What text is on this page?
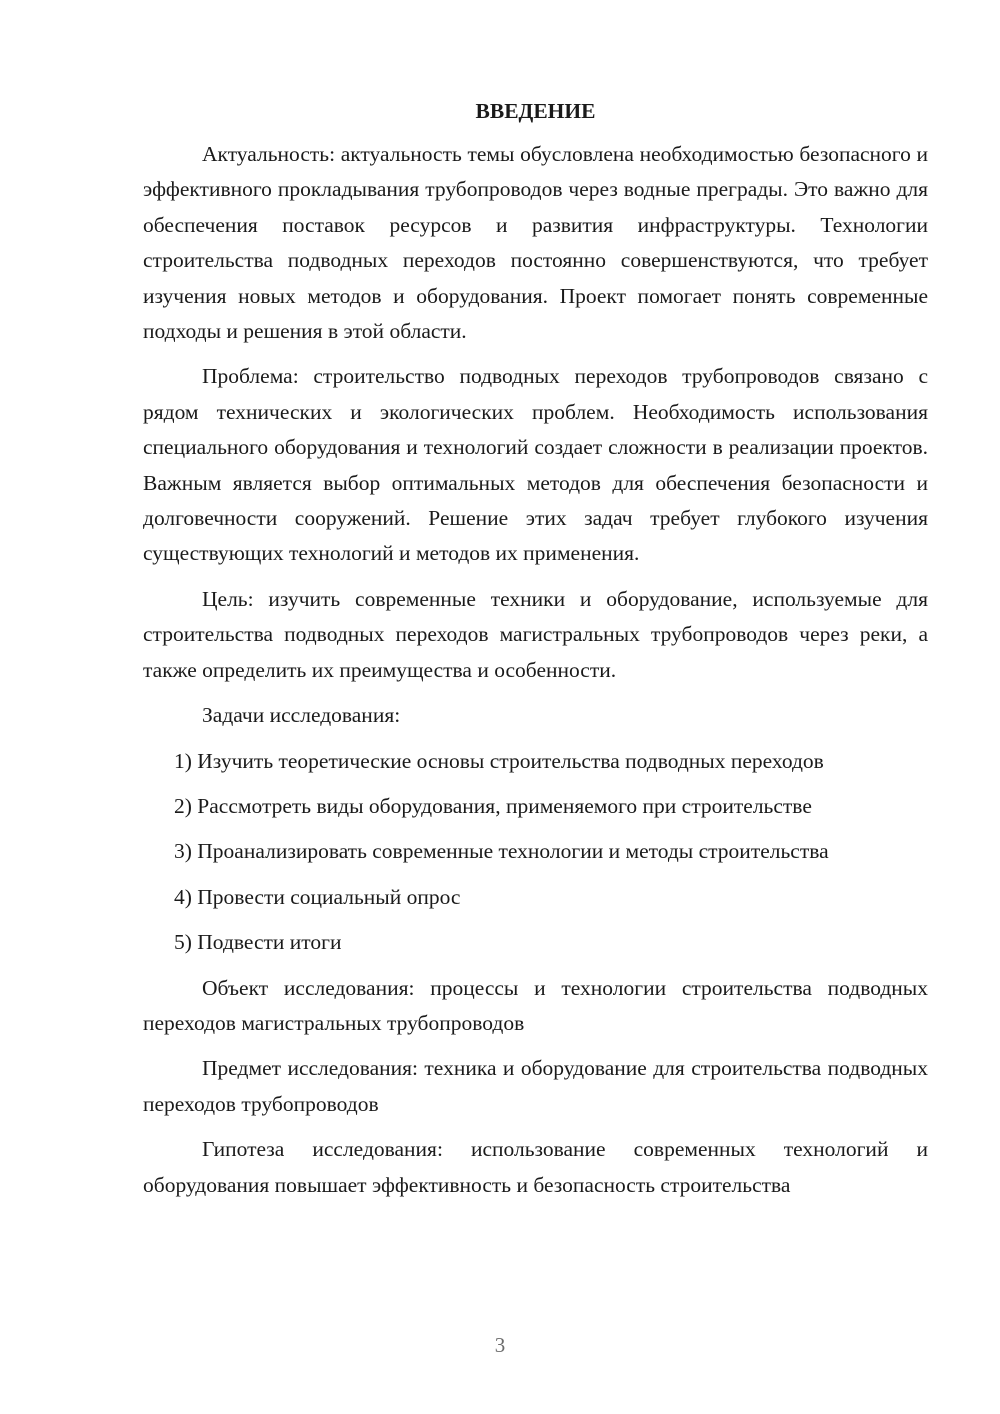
ВВЕДЕНИЕ

Актуальность: актуальность темы обусловлена необходимостью безопасного и эффективного прокладывания трубопроводов через водные преграды. Это важно для обеспечения поставок ресурсов и развития инфраструктуры. Технологии строительства подводных переходов постоянно совершенствуются, что требует изучения новых методов и оборудования. Проект помогает понять современные подходы и решения в этой области.

Проблема: строительство подводных переходов трубопроводов связано с рядом технических и экологических проблем. Необходимость использования специального оборудования и технологий создает сложности в реализации проектов. Важным является выбор оптимальных методов для обеспечения безопасности и долговечности сооружений. Решение этих задач требует глубокого изучения существующих технологий и методов их применения.

Цель: изучить современные техники и оборудование, используемые для строительства подводных переходов магистральных трубопроводов через реки, а также определить их преимущества и особенности.

Задачи исследования:

1) Изучить теоретические основы строительства подводных переходов

2) Рассмотреть виды оборудования, применяемого при строительстве

3) Проанализировать современные технологии и методы строительства

4) Провести социальный опрос

5) Подвести итоги

Объект исследования: процессы и технологии строительства подводных переходов магистральных трубопроводов

Предмет исследования: техника и оборудование для строительства подводных переходов трубопроводов

Гипотеза исследования: использование современных технологий и оборудования повышает эффективность и безопасность строительства

3
